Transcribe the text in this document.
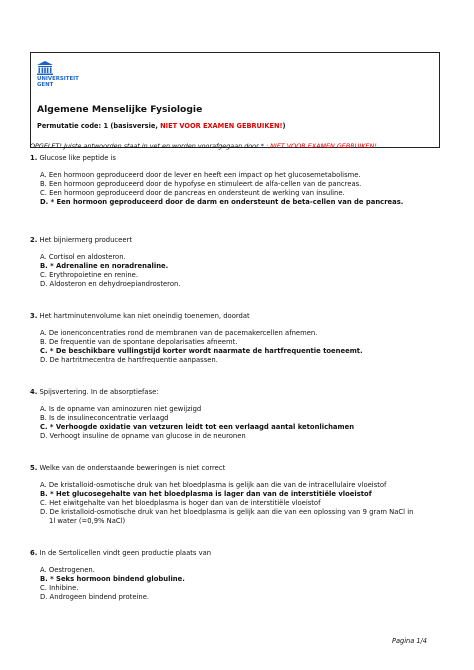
UNIVERSITEIT
GENT
Algemene Menselijke Fysiologie
Permutatie code: 1 (basisversie, NIET VOOR EXAMEN GEBRUIKEN!)
OPGELET! Juiste antwoorden staat in vet en worden voorafgegaan door * : NIET VOOR EXAMEN GEBRUIKEN!
1. Glucose like peptide is
A. Een hormoon geproduceerd door de lever en heeft een impact op het glucosemetabolisme.
B. Een hormoon geproduceerd door de hypofyse en stimuleert de alfa-cellen van de pancreas.
C. Een hormoon geproduceerd door de pancreas en ondersteunt de werking van insuline.
D. * Een hormoon geproduceerd door de darm en ondersteunt de beta-cellen van de pancreas.
2. Het bijniermerg produceert
A. Cortisol en aldosteron.
B. * Adrenaline en noradrenaline.
C. Erythropoietine en renine.
D. Aldosteron en dehydroepiandrosteron.
3. Het hartminutenvolume kan niet oneindig toenemen, doordat
A. De ionenconcentraties rond de membranen van de pacemakercellen afnemen.
B. De frequentie van de spontane depolarisaties afneemt.
C. * De beschikbare vullingstijd korter wordt naarmate de hartfrequentie toeneemt.
D. De hartritmecentra de hartfrequentie aanpassen.
4. Spijsvertering. In de absorptiefase:
A. Is de opname van aminozuren niet gewijzigd
B. Is de insulineconcentratie verlaagd
C. * Verhoogde oxidatie van vetzuren leidt tot een verlaagd aantal ketonlichamen
D. Verhoogt insuline de opname van glucose in de neuronen
5. Welke van de onderstaande beweringen is niet correct
A. De kristalloid-osmotische druk van het bloedplasma is gelijk aan die van de intracellulaire vloeistof
B. * Het glucosegehalte van het bloedplasma is lager dan van de interstitiële vloeistof
C. Het eiwitgehalte van het bloedplasma is hoger dan van de interstitiële vloeistof
D. De kristalloid-osmotische druk van het bloedplasma is gelijk aan die van een oplossing van 9 gram NaCl in
1l water (=0,9% NaCl)
6. In de Sertolicellen vindt geen productie plaats van
A. Oestrogenen.
B. * Seks hormoon bindend globuline.
C. Inhibine.
D. Androgeen bindend proteine.
Pagina 1/4
